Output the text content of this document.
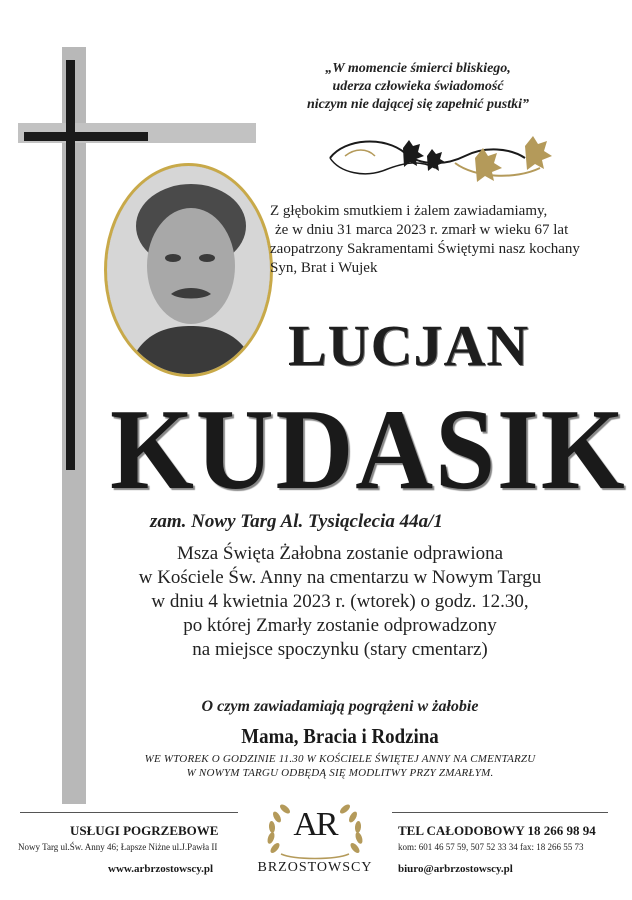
„W momencie śmierci bliskiego,
uderza człowieka świadomość
niczym nie dającej się zapełnić pustki”
Z głębokim smutkiem i żalem zawiadamiamy,
że w dniu 31 marca 2023 r. zmarł w wieku 67 lat
zaopatrzony Sakramentami Świętymi nasz kochany
Syn, Brat i Wujek
LUCJAN
KUDASIK
zam. Nowy Targ Al. Tysiąclecia 44a/1
Msza Święta Żałobna zostanie odprawiona
w Kościele Św. Anny na cmentarzu w Nowym Targu
w dniu 4 kwietnia 2023 r. (wtorek) o godz. 12.30,
po której Zmarły zostanie odprowadzony
na miejsce spoczynku (stary cmentarz)
O czym zawiadamiają pogrążeni w żałobie
Mama, Bracia i Rodzina
WE WTOREK O GODZINIE 11.30 W KOŚCIELE ŚWIĘTEJ ANNY NA CMENTARZU
W NOWYM TARGU ODBĘDĄ SIĘ MODLITWY PRZY ZMARŁYM.
USŁUGI POGRZEBOWE
Nowy Targ ul.Św. Anny 46; Łapsze Niżne ul.J.Pawła II
www.arbrzostowscy.pl
AR
BRZOSTOWSCY
TEL CAŁODOBOWY 18 266 98 94
kom: 601 46 57 59, 507 52 33 34 fax: 18 266 55 73
biuro@arbrzostowscy.pl
